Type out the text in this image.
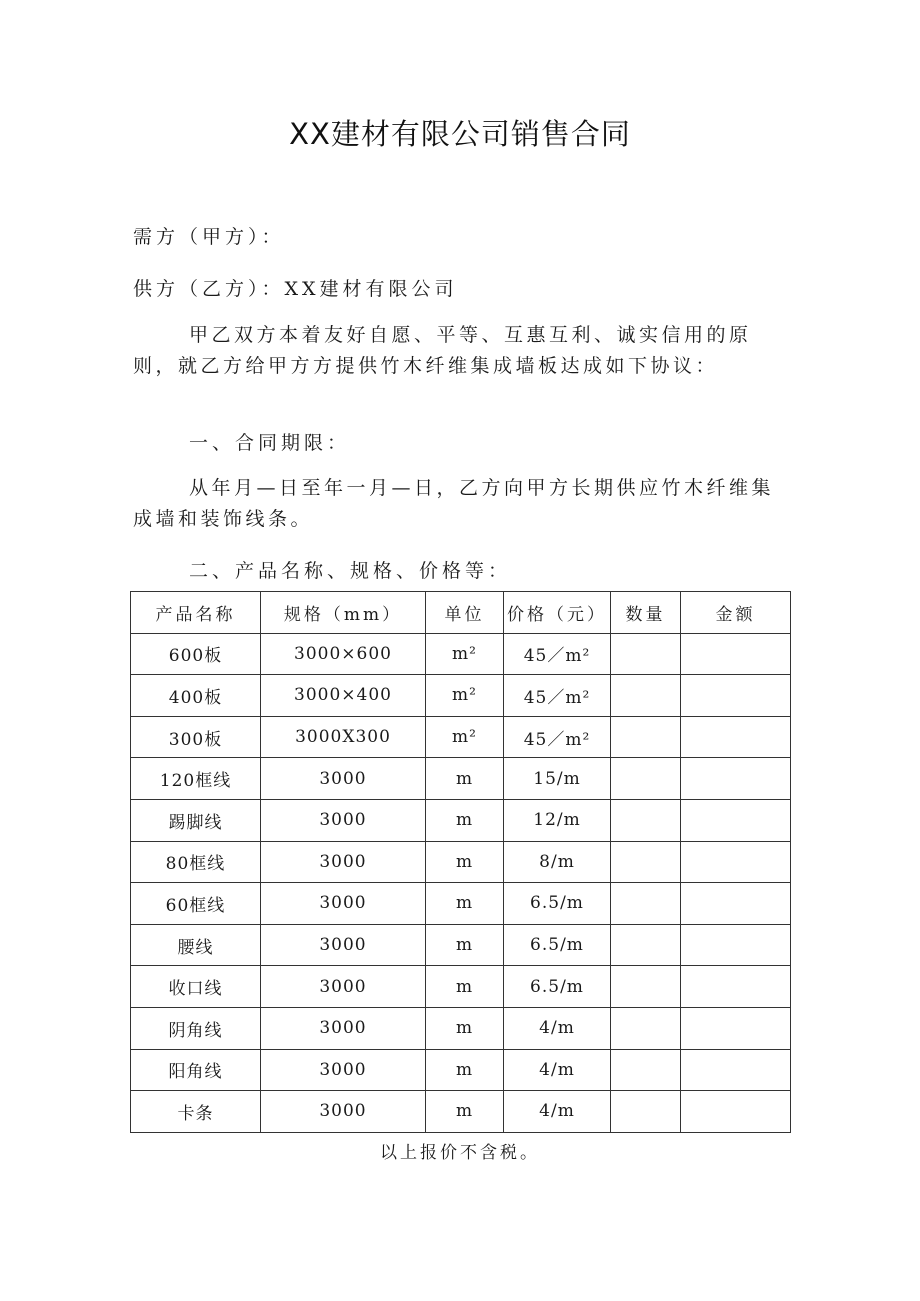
XX建材有限公司销售合同
需方（甲方）：
供方（乙方）：XX建材有限公司
甲乙双方本着友好自愿、平等、互惠互利、诚实信用的原则，就乙方给甲方方提供竹木纤维集成墙板达成如下协议：
一、合同期限：
从年月—日至年一月—日，乙方向甲方长期供应竹木纤维集成墙和装饰线条。
二、产品名称、规格、价格等：
产品名称	规格（mm）	单位	价格（元）	数量	金额
600板	3000×600	m²	45／m²		
400板	3000×400	m²	45／m²		
300板	3000X300	m²	45／m²		
120框线	3000	m	15/m		
踢脚线	3000	m	12/m		
80框线	3000	m	8/m		
60框线	3000	m	6.5/m		
腰线	3000	m	6.5/m		
收口线	3000	m	6.5/m		
阴角线	3000	m	4/m		
阳角线	3000	m	4/m		
卡条	3000	m	4/m		
以上报价不含税。
